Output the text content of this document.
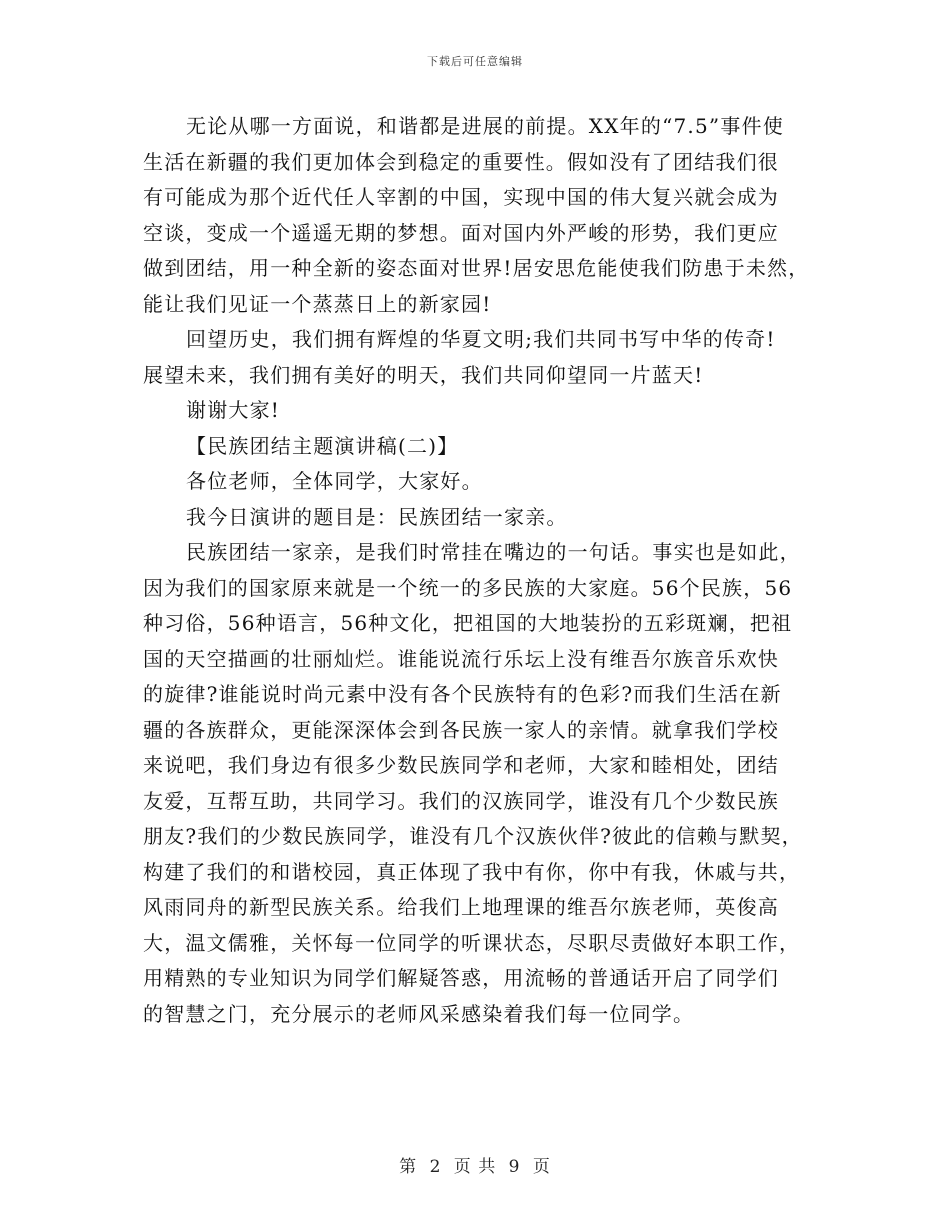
下载后可任意编辑
无论从哪一方面说，和谐都是进展的前提。XX年的“7.5”事件使
生活在新疆的我们更加体会到稳定的重要性。假如没有了团结我们很
有可能成为那个近代任人宰割的中国，实现中国的伟大复兴就会成为
空谈，变成一个遥遥无期的梦想。面对国内外严峻的形势，我们更应
做到团结，用一种全新的姿态面对世界!居安思危能使我们防患于未然，
能让我们见证一个蒸蒸日上的新家园!
回望历史，我们拥有辉煌的华夏文明;我们共同书写中华的传奇!
展望未来，我们拥有美好的明天，我们共同仰望同一片蓝天!
谢谢大家!
【民族团结主题演讲稿(二)】
各位老师，全体同学，大家好。
我今日演讲的题目是：民族团结一家亲。
民族团结一家亲，是我们时常挂在嘴边的一句话。事实也是如此，
因为我们的国家原来就是一个统一的多民族的大家庭。56个民族，56
种习俗，56种语言，56种文化，把祖国的大地装扮的五彩斑斓，把祖
国的天空描画的壮丽灿烂。谁能说流行乐坛上没有维吾尔族音乐欢快
的旋律?谁能说时尚元素中没有各个民族特有的色彩?而我们生活在新
疆的各族群众，更能深深体会到各民族一家人的亲情。就拿我们学校
来说吧，我们身边有很多少数民族同学和老师，大家和睦相处，团结
友爱，互帮互助，共同学习。我们的汉族同学，谁没有几个少数民族
朋友?我们的少数民族同学，谁没有几个汉族伙伴?彼此的信赖与默契，
构建了我们的和谐校园，真正体现了我中有你，你中有我，休戚与共，
风雨同舟的新型民族关系。给我们上地理课的维吾尔族老师，英俊高
大，温文儒雅，关怀每一位同学的听课状态，尽职尽责做好本职工作，
用精熟的专业知识为同学们解疑答惑，用流畅的普通话开启了同学们
的智慧之门，充分展示的老师风采感染着我们每一位同学。
第 2 页 共 9 页
